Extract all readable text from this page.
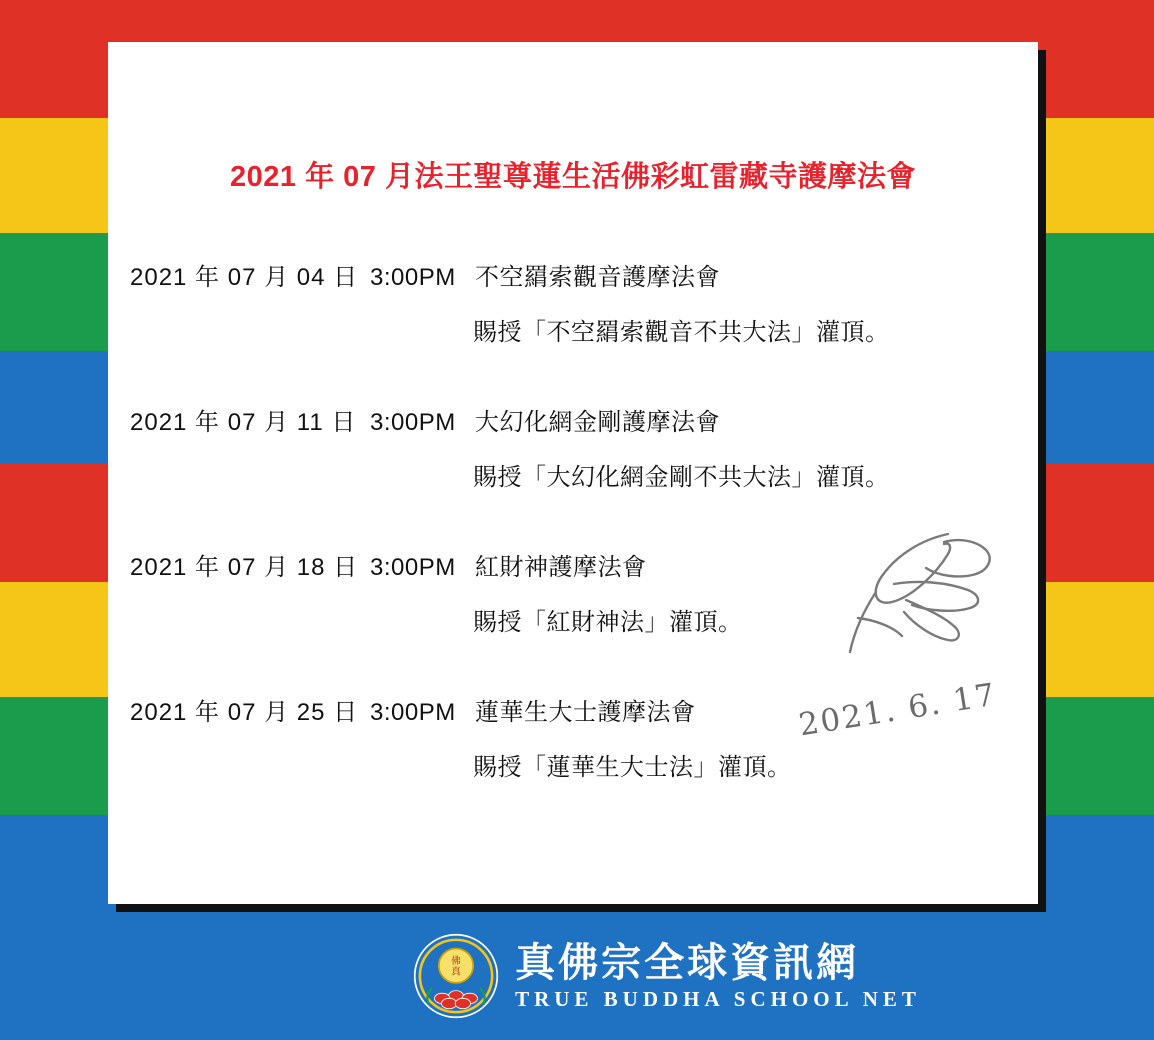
2021 年 07 月法王聖尊蓮生活佛彩虹雷藏寺護摩法會
2021 年 07 月 04 日 3:00PM 不空羂索觀音護摩法會
賜授「不空羂索觀音不共大法」灌頂。
2021 年 07 月 11 日 3:00PM 大幻化網金剛護摩法會
賜授「大幻化網金剛不共大法」灌頂。
2021 年 07 月 18 日 3:00PM 紅財神護摩法會
賜授「紅財神法」灌頂。
2021 年 07 月 25 日 3:00PM 蓮華生大士護摩法會
賜授「蓮華生大士法」灌頂。
2021. 6. 17
佛
真 真佛宗全球資訊網
TRUE BUDDHA SCHOOL NET
